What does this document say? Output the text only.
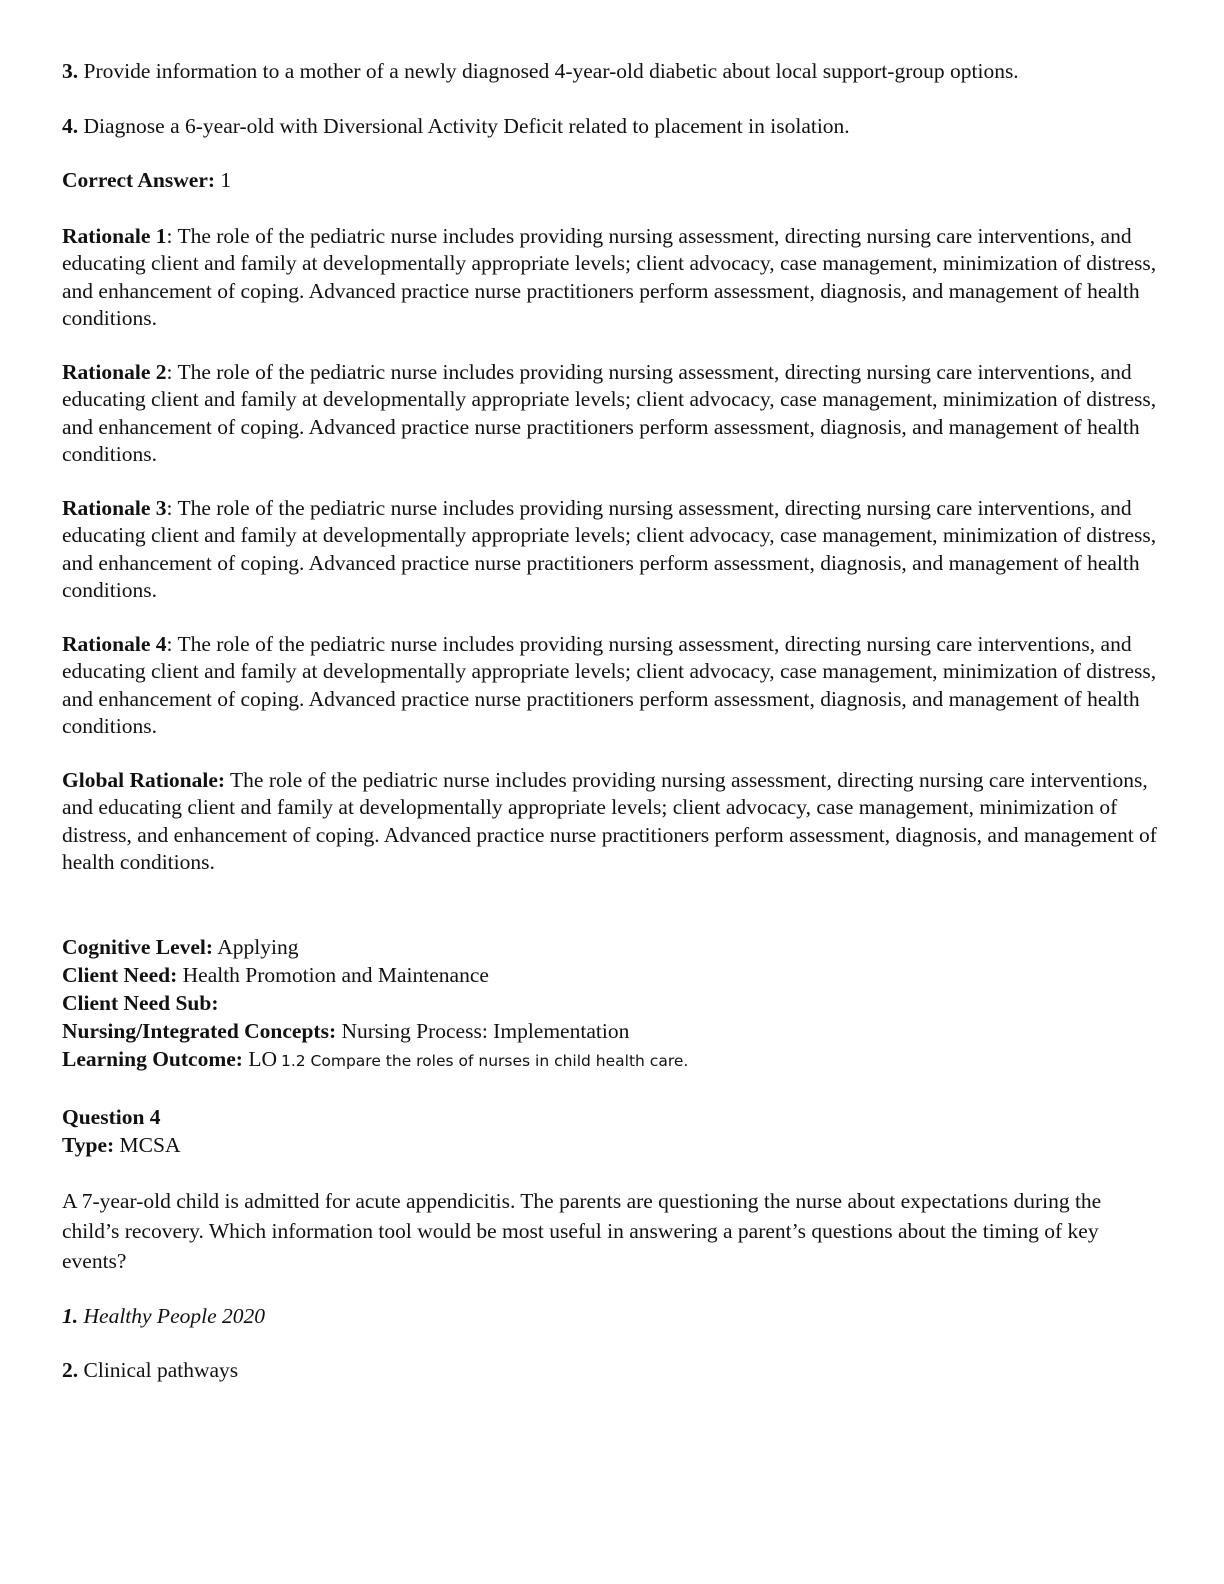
3. Provide information to a mother of a newly diagnosed 4-year-old diabetic about local support-group options.

4. Diagnose a 6-year-old with Diversional Activity Deficit related to placement in isolation.

Correct Answer: 1

Rationale 1: The role of the pediatric nurse includes providing nursing assessment, directing nursing care interventions, and educating client and family at developmentally appropriate levels; client advocacy, case management, minimization of distress, and enhancement of coping. Advanced practice nurse practitioners perform assessment, diagnosis, and management of health conditions.

Rationale 2: The role of the pediatric nurse includes providing nursing assessment, directing nursing care interventions, and educating client and family at developmentally appropriate levels; client advocacy, case management, minimization of distress, and enhancement of coping. Advanced practice nurse practitioners perform assessment, diagnosis, and management of health conditions.

Rationale 3: The role of the pediatric nurse includes providing nursing assessment, directing nursing care interventions, and educating client and family at developmentally appropriate levels; client advocacy, case management, minimization of distress, and enhancement of coping. Advanced practice nurse practitioners perform assessment, diagnosis, and management of health conditions.

Rationale 4: The role of the pediatric nurse includes providing nursing assessment, directing nursing care interventions, and educating client and family at developmentally appropriate levels; client advocacy, case management, minimization of distress, and enhancement of coping. Advanced practice nurse practitioners perform assessment, diagnosis, and management of health conditions.

Global Rationale: The role of the pediatric nurse includes providing nursing assessment, directing nursing care interventions, and educating client and family at developmentally appropriate levels; client advocacy, case management, minimization of distress, and enhancement of coping. Advanced practice nurse practitioners perform assessment, diagnosis, and management of health conditions.

Cognitive Level: Applying

Client Need: Health Promotion and Maintenance

Client Need Sub:

Nursing/Integrated Concepts: Nursing Process: Implementation

Learning Outcome: LO 1.2 Compare the roles of nurses in child health care.

Question 4

Type: MCSA

A 7-year-old child is admitted for acute appendicitis. The parents are questioning the nurse about expectations during the child’s recovery. Which information tool would be most useful in answering a parent’s questions about the timing of key events?

1. Healthy People 2020

2. Clinical pathways
